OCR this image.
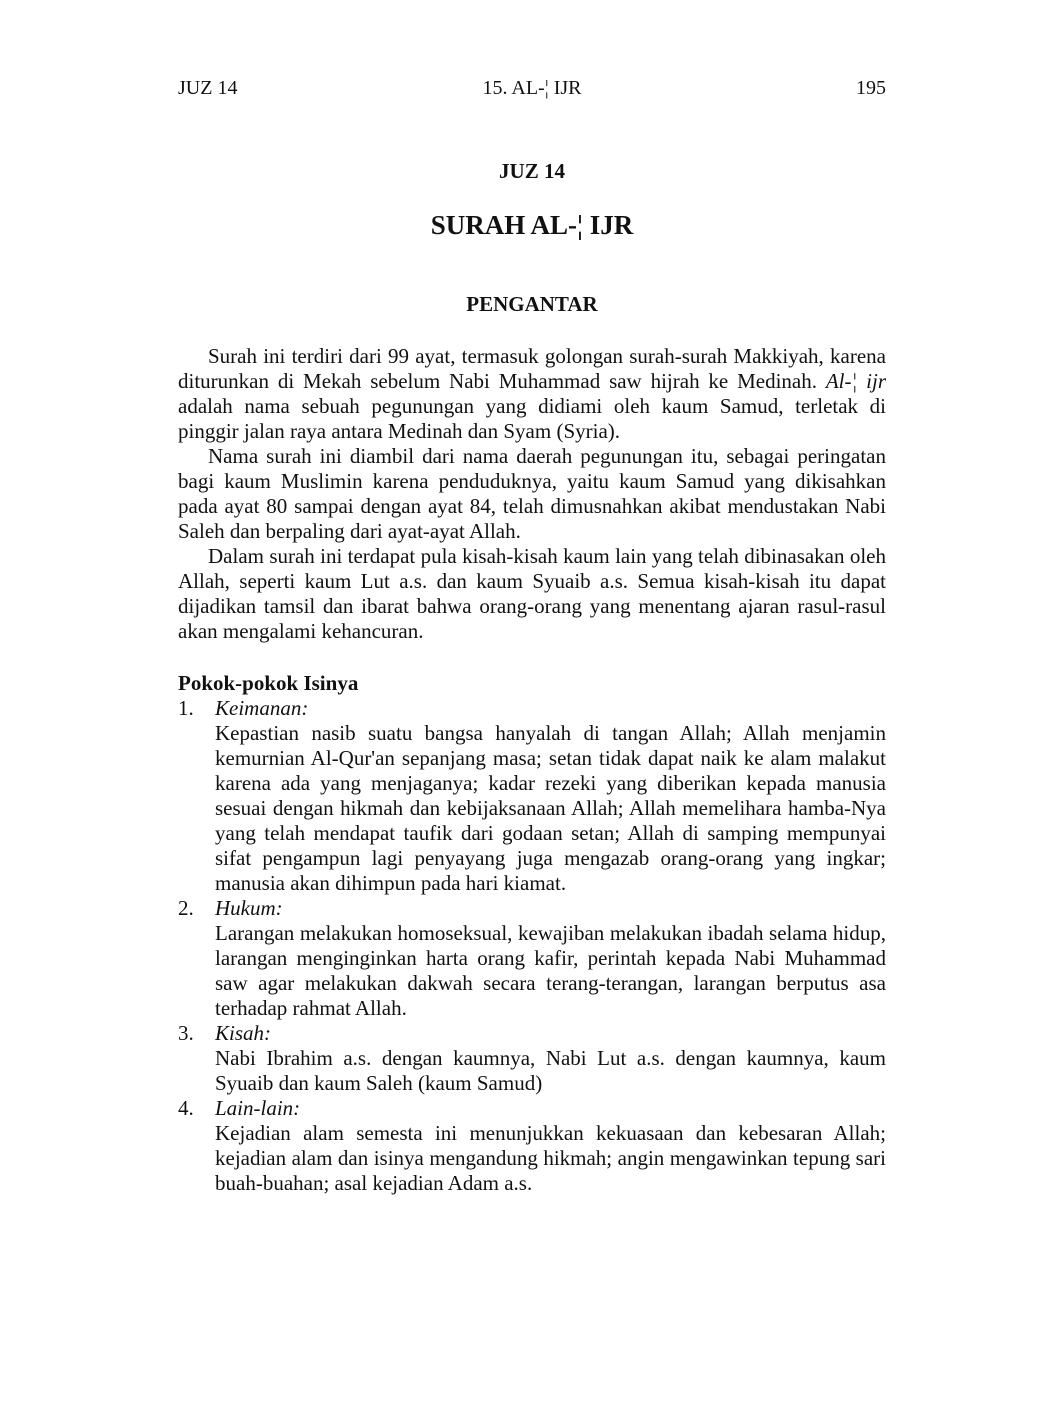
JUZ 14	15. AL-¦ IJR	195
JUZ 14
SURAH AL-¦ IJR
PENGANTAR

Surah ini terdiri dari 99 ayat, termasuk golongan surah-surah Makkiyah, karena diturunkan di Mekah sebelum Nabi Muhammad saw hijrah ke Medinah. Al-¦ ijr adalah nama sebuah pegunungan yang didiami oleh kaum Samud, terletak di pinggir jalan raya antara Medinah dan Syam (Syria).

Nama surah ini diambil dari nama daerah pegunungan itu, sebagai peringatan bagi kaum Muslimin karena penduduknya, yaitu kaum Samud yang dikisahkan pada ayat 80 sampai dengan ayat 84, telah dimusnahkan akibat mendustakan Nabi Saleh dan berpaling dari ayat-ayat Allah.

Dalam surah ini terdapat pula kisah-kisah kaum lain yang telah dibinasakan oleh Allah, seperti kaum Lut a.s. dan kaum Syuaib a.s. Semua kisah-kisah itu dapat dijadikan tamsil dan ibarat bahwa orang-orang yang menentang ajaran rasul-rasul akan mengalami kehancuran.

Pokok-pokok Isinya
1. Keimanan:
Kepastian nasib suatu bangsa hanyalah di tangan Allah; Allah menjamin kemurnian Al-Qur'an sepanjang masa; setan tidak dapat naik ke alam malakut karena ada yang menjaganya; kadar rezeki yang diberikan kepada manusia sesuai dengan hikmah dan kebijaksanaan Allah; Allah memelihara hamba-Nya yang telah mendapat taufik dari godaan setan; Allah di samping mempunyai sifat pengampun lagi penyayang juga mengazab orang-orang yang ingkar; manusia akan dihimpun pada hari kiamat.
2. Hukum:
Larangan melakukan homoseksual, kewajiban melakukan ibadah selama hidup, larangan menginginkan harta orang kafir, perintah kepada Nabi Muhammad saw agar melakukan dakwah secara terang-terangan, larangan berputus asa terhadap rahmat Allah.
3. Kisah:
Nabi Ibrahim a.s. dengan kaumnya, Nabi Lut a.s. dengan kaumnya, kaum Syuaib dan kaum Saleh (kaum Samud)
4. Lain-lain:
Kejadian alam semesta ini menunjukkan kekuasaan dan kebesaran Allah; kejadian alam dan isinya mengandung hikmah; angin mengawinkan tepung sari buah-buahan; asal kejadian Adam a.s.
